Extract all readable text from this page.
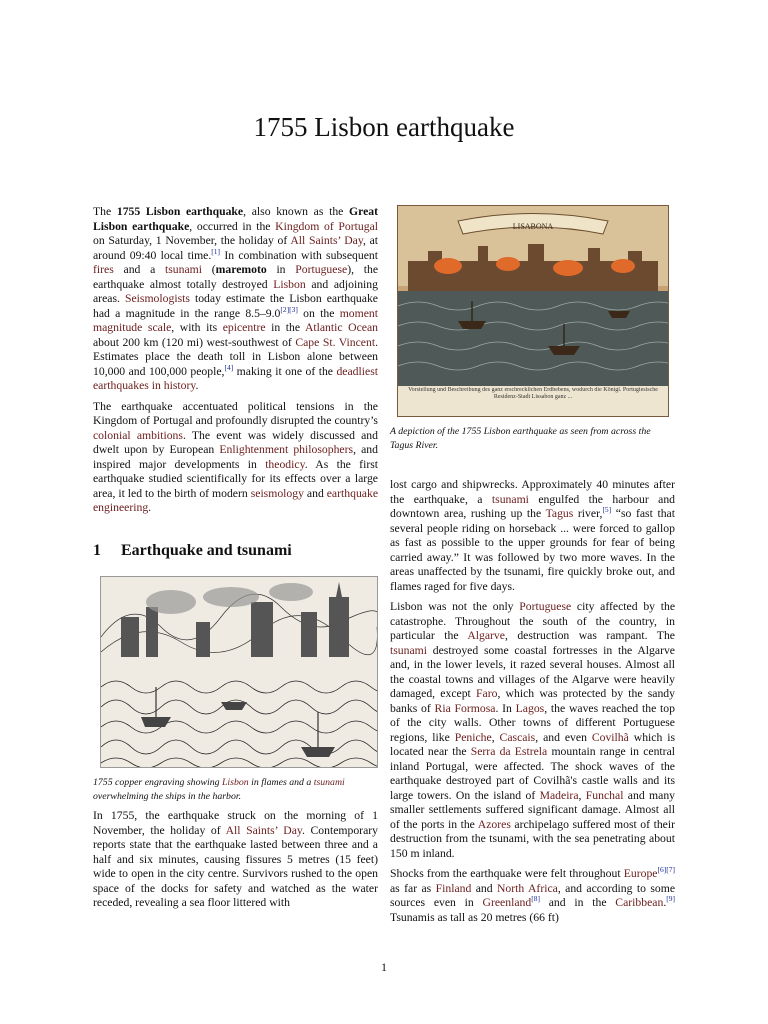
1755 Lisbon earthquake

The 1755 Lisbon earthquake, also known as the Great Lisbon earthquake, occurred in the Kingdom of Portugal on Saturday, 1 November, the holiday of All Saints’ Day, at around 09:40 local time.[1] In combination with subsequent fires and a tsunami (maremoto in Portuguese), the earthquake almost totally destroyed Lisbon and adjoining areas. Seismologists today estimate the Lisbon earthquake had a magnitude in the range 8.5–9.0[2][3] on the moment magnitude scale, with its epicentre in the Atlantic Ocean about 200 km (120 mi) west-southwest of Cape St. Vincent. Estimates place the death toll in Lisbon alone between 10,000 and 100,000 people,[4] making it one of the deadliest earthquakes in history.

The earthquake accentuated political tensions in the Kingdom of Portugal and profoundly disrupted the country’s colonial ambitions. The event was widely discussed and dwelt upon by European Enlightenment philosophers, and inspired major developments in theodicy. As the first earthquake studied scientifically for its effects over a large area, it led to the birth of modern seismology and earthquake engineering.

1 Earthquake and tsunami

1755 copper engraving showing Lisbon in flames and a tsunami overwhelming the ships in the harbor.

In 1755, the earthquake struck on the morning of 1 November, the holiday of All Saints’ Day. Contemporary reports state that the earthquake lasted between three and a half and six minutes, causing fissures 5 metres (15 feet) wide to open in the city centre. Survivors rushed to the open space of the docks for safety and watched as the water receded, revealing a sea floor littered with

LISABONA
Vorstellung und Beschreibung des ganz erschrecklichen Erdbebens, wodurch die Königl. Portugiesische Residenz-Stadt Lissabon ganz ...

A depiction of the 1755 Lisbon earthquake as seen from across the Tagus River.

lost cargo and shipwrecks. Approximately 40 minutes after the earthquake, a tsunami engulfed the harbour and downtown area, rushing up the Tagus river,[5] “so fast that several people riding on horseback ... were forced to gallop as fast as possible to the upper grounds for fear of being carried away.” It was followed by two more waves. In the areas unaffected by the tsunami, fire quickly broke out, and flames raged for five days.

Lisbon was not the only Portuguese city affected by the catastrophe. Throughout the south of the country, in particular the Algarve, destruction was rampant. The tsunami destroyed some coastal fortresses in the Algarve and, in the lower levels, it razed several houses. Almost all the coastal towns and villages of the Algarve were heavily damaged, except Faro, which was protected by the sandy banks of Ria Formosa. In Lagos, the waves reached the top of the city walls. Other towns of different Portuguese regions, like Peniche, Cascais, and even Covilhã which is located near the Serra da Estrela mountain range in central inland Portugal, were affected. The shock waves of the earthquake destroyed part of Covilhã's castle walls and its large towers. On the island of Madeira, Funchal and many smaller settlements suffered significant damage. Almost all of the ports in the Azores archipelago suffered most of their destruction from the tsunami, with the sea penetrating about 150 m inland.

Shocks from the earthquake were felt throughout Europe[6][7] as far as Finland and North Africa, and according to some sources even in Greenland[8] and in the Caribbean.[9] Tsunamis as tall as 20 metres (66 ft)

1
